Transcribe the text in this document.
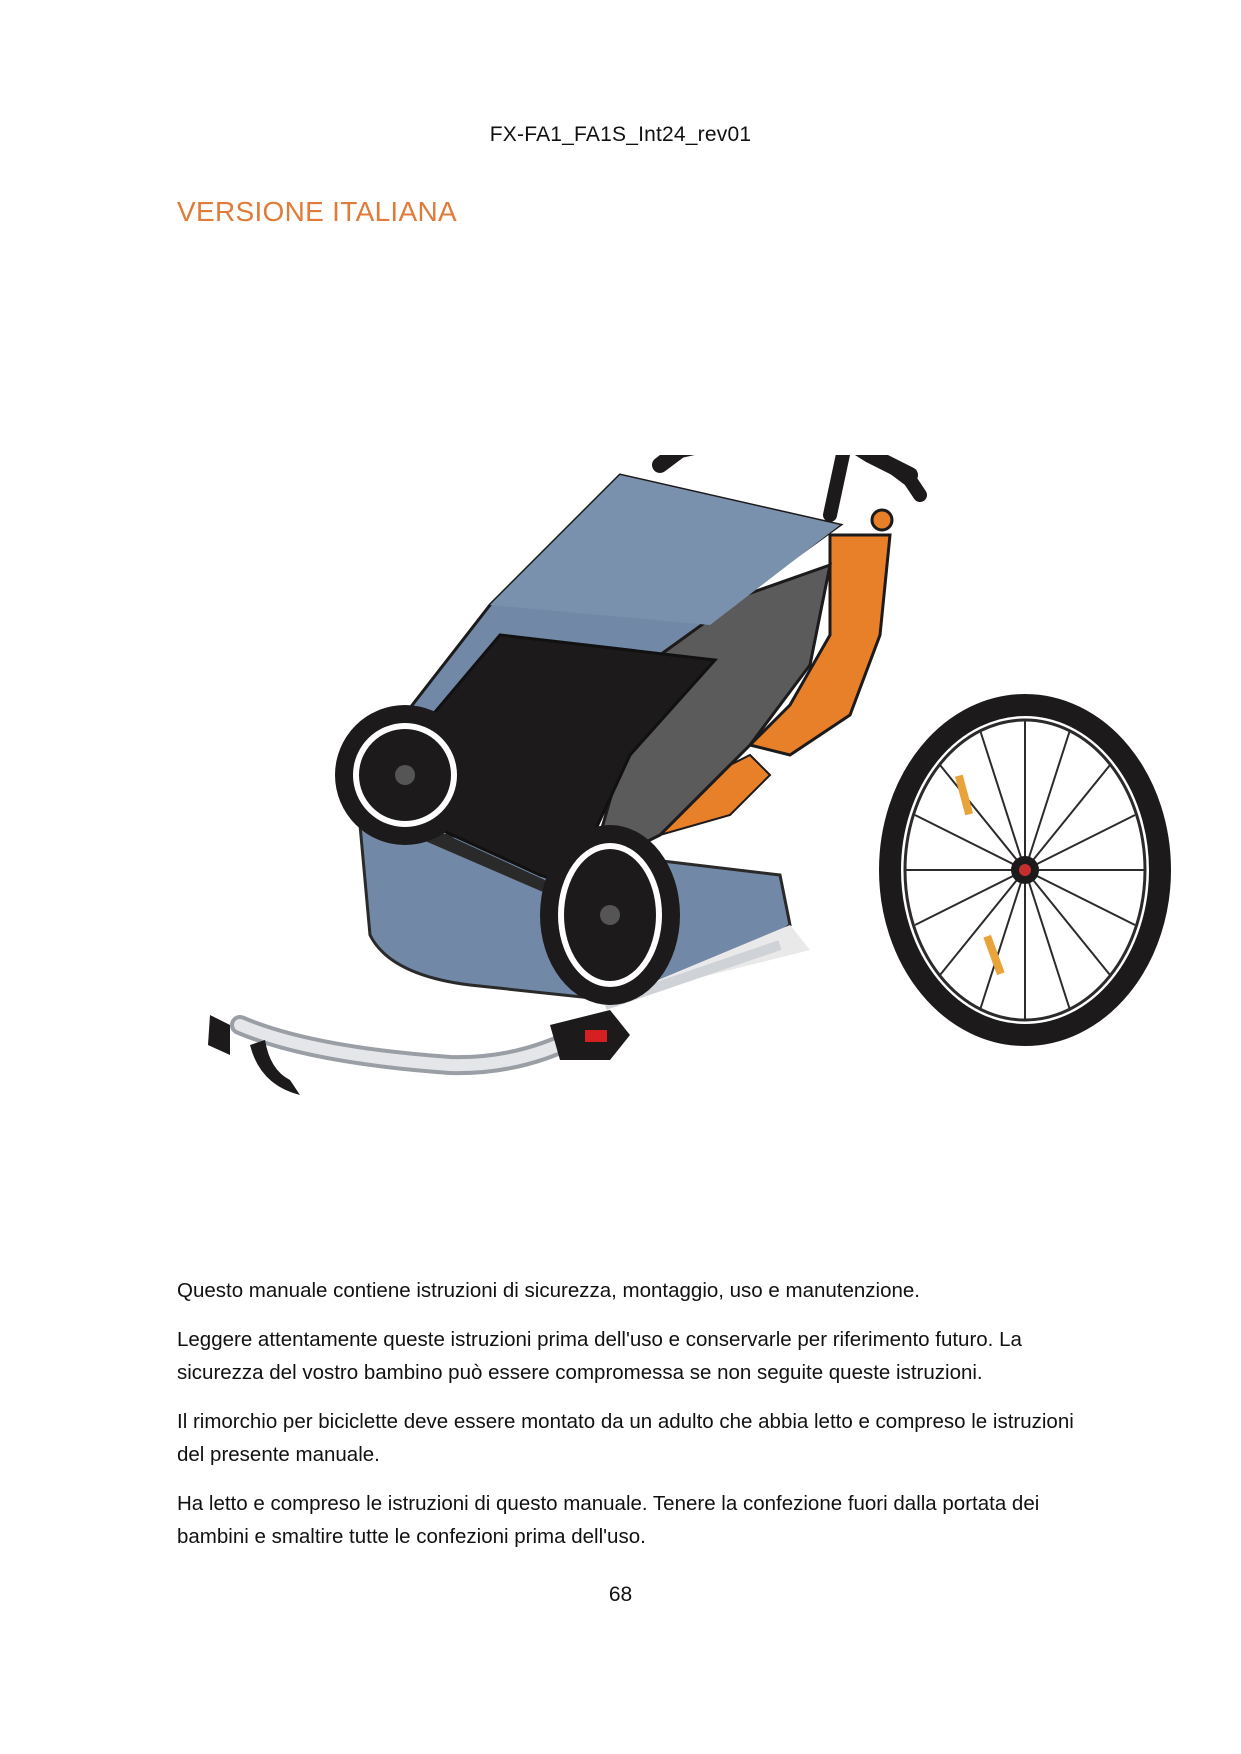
FX-FA1_FA1S_Int24_rev01
VERSIONE ITALIANA

Questo manuale contiene istruzioni di sicurezza, montaggio, uso e manutenzione.

Leggere attentamente queste istruzioni prima dell'uso e conservarle per riferimento futuro. La sicurezza del vostro bambino può essere compromessa se non seguite queste istruzioni.

Il rimorchio per biciclette deve essere montato da un adulto che abbia letto e compreso le istruzioni del presente manuale.

Ha letto e compreso le istruzioni di questo manuale. Tenere la confezione fuori dalla portata dei bambini e smaltire tutte le confezioni prima dell'uso.

68
